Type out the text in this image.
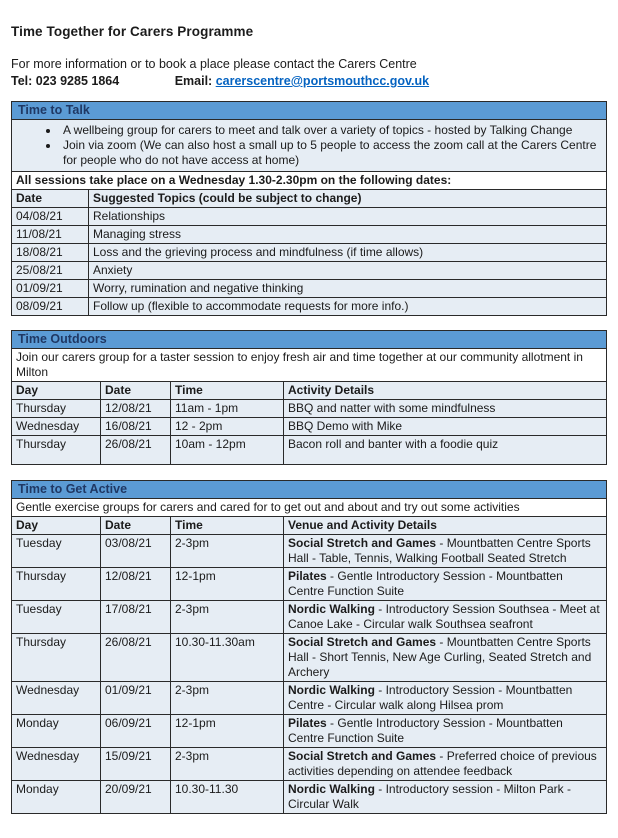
Time Together for Carers Programme

For more information or to book a place please contact the Carers Centre

Tel: 023 9285 1864	Email: carerscentre@portsmouthcc.gov.uk

Time to Talk	

• A wellbeing group for carers to meet and talk over a variety of topics - hosted by Talking Change
• Join via zoom (We can also host a small up to 5 people to access the zoom call at the Carers Centre for people who do not have access at home)

All sessions take place on a Wednesday 1.30-2.30pm on the following dates:	
Date	Suggested Topics (could be subject to change)
04/08/21	Relationships
11/08/21	Managing stress
18/08/21	Loss and the grieving process and mindfulness (if time allows)
25/08/21	Anxiety
01/09/21	Worry, rumination and negative thinking
08/09/21	Follow up (flexible to accommodate requests for more info.)
Time Outdoors			
Join our carers group for a taster session to enjoy fresh air and time together at our community allotment in Milton			
Day	Date	Time	Activity Details
Thursday	12/08/21	11am - 1pm	BBQ and natter with some mindfulness
Wednesday	16/08/21	12 - 2pm	BBQ Demo with Mike
Thursday	26/08/21	10am - 12pm	Bacon roll and banter with a foodie quiz
Time to Get Active			
Gentle exercise groups for carers and cared for to get out and about and try out some activities			
Day	Date	Time	Venue and Activity Details
Tuesday	03/08/21	2-3pm	Social Stretch and Games - Mountbatten Centre Sports Hall - Table, Tennis, Walking Football Seated Stretch
Thursday	12/08/21	12-1pm	Pilates - Gentle Introductory Session - Mountbatten Centre Function Suite
Tuesday	17/08/21	2-3pm	Nordic Walking - Introductory Session Southsea - Meet at Canoe Lake - Circular walk Southsea seafront
Thursday	26/08/21	10.30-11.30am	Social Stretch and Games - Mountbatten Centre Sports Hall - Short Tennis, New Age Curling, Seated Stretch and Archery
Wednesday	01/09/21	2-3pm	Nordic Walking - Introductory Session - Mountbatten Centre - Circular walk along Hilsea prom
Monday	06/09/21	12-1pm	Pilates - Gentle Introductory Session - Mountbatten Centre Function Suite
Wednesday	15/09/21	2-3pm	Social Stretch and Games - Preferred choice of previous activities depending on attendee feedback
Monday	20/09/21	10.30-11.30	Nordic Walking - Introductory session - Milton Park - Circular Walk
